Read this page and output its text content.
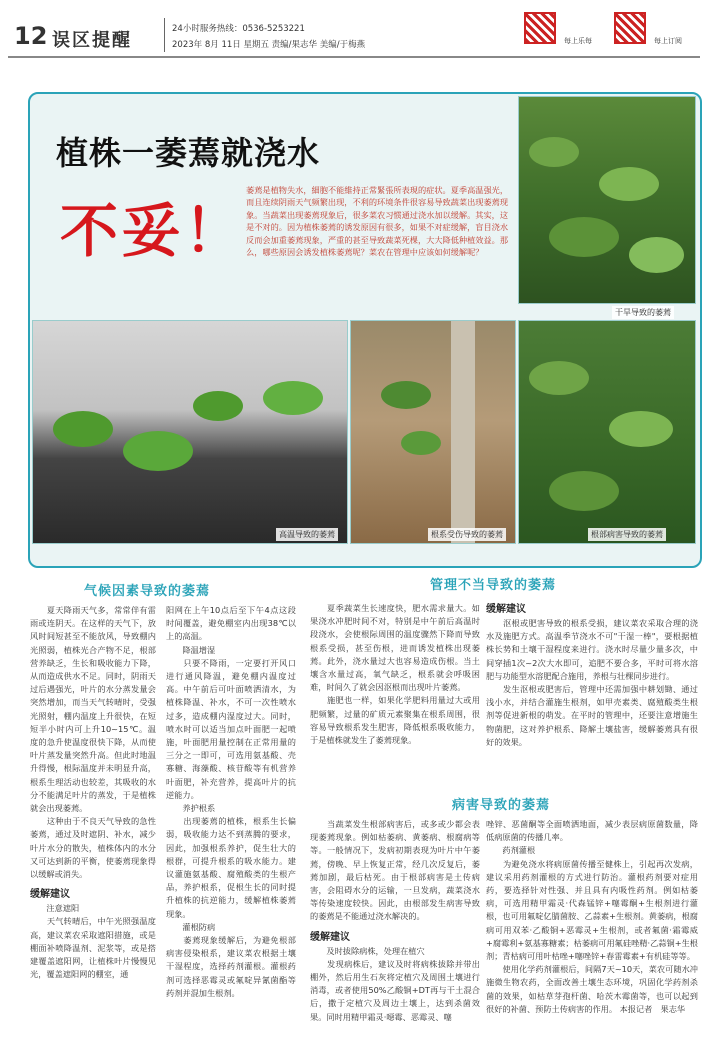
12 误区提醒
24小时服务热线：0536-5253221
2023年 8月 11日 星期五 责编/果志华 美编/于梅燕	每上乐每	每上订阅
植株一萎蔫就浇水
不妥！
萎蔫是植物失水，細胞不能維持正常緊張所表現的症状。夏季高温强光，而且连续阴雨天气频繁出现，不利的环境条件很容易导致蔬菜出现萎蔫现象。当蔬菜出现萎蔫现象后，很多菜农习惯通过浇水加以缓解。其实，这是不对的。因为植株萎蔫的诱发原因有很多，如果不对症缓解，盲目浇水反而会加重萎蔫现象，严重的甚至导致蔬菜死棵，大大降低种植效益。那么，哪些原因会诱发植株萎蔫呢？菜农在管理中应该如何缓解呢？
干旱导致的萎蔫
高温导致的萎蔫	根系受伤导致的萎蔫	根部病害导致的萎蔫
气候因素导致的萎蔫	管理不当导致的萎蔫
病害导致的萎蔫

　　夏天降雨天气多，常常伴有雷雨或连阴天。在这样的天气下，放风时间短甚至不能放风，导致棚内光照弱，植株光合产物不足，根部营养缺乏，生长和吸收能力下降，从而造成供水不足。同时，阴雨天过后遇强光，叶片的水分蒸发量会突然增加，而当天气转晴时，受强光照射，棚内温度上升很快，在短短半小时内可上升10~15℃。温度的急升使温度很快下降，从而使叶片蒸发量突然升高。但此时地温升得慢，根际温度并未明显升高，根系生理活动也较差，其吸收的水分不能满足叶片的蒸发，于是植株就会出现萎蔫。
　　这种由于不良天气导致的急性萎蔫，通过及时遮阴、补水，减少叶片水分的散失，植株体内的水分又可达到新的平衡，使萎蔫现象得以缓解或消失。

缓解建议

　　注意遮阳
　　天气转晴后，中午光照强温度高，建议菜农采取遮阳措施，或是棚面补喷降温剂、泥浆等，或是搭建覆盖遮阳网，让植株叶片慢慢见光，覆盖遮阳网的棚室，通

阳网在上午10点后至下午4点这段时间覆盖，避免棚室内出现38℃以上的高温。
　　降温增湿
　　只要不降雨，一定要打开风口进行通风降温，避免棚内温度过高。中午前后可叶面喷洒清水，为植株降温、补水，不可一次性喷水过多，造成棚内湿度过大。同时，喷水时可以适当加点叶面肥一起喷施，叶面肥用量控制在正常用量的三分之一即可，可选用氨基酸、壳寡糖、海藻酸、核苷酸等有机营养叶面肥，补充营养，提高叶片的抗逆能力。
　　养护根系
　　出现萎蔫的植株，根系生长偏弱，吸收能力达不到蒸腾的要求，因此，加强根系养护，促生壮大的根群，可提升根系的吸水能力。建议灌施氨基酸、腐殖酸类的生根产品，养护根系，促根生长的同时提升植株的抗逆能力，缓解植株萎蔫现象。
　　灌根防病
　　萎蔫现象缓解后，为避免根部病害侵染根系，建议菜农根据土壤干湿程度，选择药剂灌根。灌根药剂可选择恶霉灵或氟啶异氰菌酯等药剂并混加生根剂。

　　夏季蔬菜生长速度快，肥水需求量大。如果浇水冲肥时间不对，特别是中午前后高温时段浇水，会使根际周围的温度骤然下降而导致根系受损，甚至伤根，进而诱发植株出现萎蔫。此外，浇水量过大也容易造成伤根。当土壤含水量过高，氧气缺乏，根系就会呼吸困难，时间久了就会因沤根而出现叶片萎蔫。
　　施肥也一样，如果化学肥料用量过大或用肥频繁，过量的矿质元素聚集在根系周围，很容易导致根系发生肥害，降低根系吸收能力，于是植株就发生了萎蔫现象。

缓解建议

　　沤根或肥害导致的根系受损，建议菜农采取合理的浇水及施肥方式。高温季节浇水不可"干湿一棒"，要根据植株长势和土壤干湿程度来进行。浇水时尽量少量多次，中间穿插1次~2次大水即可，追肥不要合多，平时可将水溶肥与功能型水溶肥配合施用，养根与壮棵同步进行。
　　发生沤根或肥害后，管理中还需加强中耕划锄、通过浅小水，并结合灌施生根剂，如甲壳素类、腐殖酸类生根剂等促进新根的萌发。在平时的管理中，还要注意增施生物菌肥，这对养护根系、降解土壤盐害，缓解萎蔫具有很好的效果。

　　当蔬菜发生根部病害后，或多或少都会表现萎蔫现象。例如枯萎病、黄萎病、根腐病等等。一般情况下，发病初期表现为叶片中午萎蔫，傍晚、早上恢复正常，经几次反复后，萎蔫加剧，最后枯死。由于根部病害是土传病害，会阻碍水分的运输，一旦发病，蔬菜浇水等传染速度较快。因此，由根部发生病害导致的萎蔫是不能通过浇水解决的。

缓解建议

　　及时拔除病株，处理在植穴
　　发现病株后，建议及时将病株拔除并带出棚外，然后用生石灰将定植穴及周围土壤进行消毒，或者使用50%乙酸铜+DT再与干土混合后，撒于定植穴及周边土壤上，达到杀菌效果。同时用精甲霜灵·噁霉、恶霉灵、噻

唑锌、恶菌酮等全面喷洒地面，减少表层病原菌数量，降低病原菌的传播几率。
　　药剂灌根
　　为避免浇水将病原菌传播至健株上，引起再次发病，建议采用药剂灌根的方式进行防治。灌根药剂要对症用药，要选择针对性强、并且具有内吸性药剂。例如枯萎病，可选用精甲霜灵·代森锰锌+噻霉酮+生根剂进行灌根，也可用氟啶亿腈菌胺、乙蒜素+生根剂。黄萎病，根腐病可用双苯·乙酸铜+恶霉灵+生根剂，或者氟菌·霜霉威+腐霉利+氨基寡糖素；枯萎病可用氟硅唑精·乙蒜铜+生根剂；青枯病可用叶枯唑+噻唑锌+春雷霉素+有机硅等等。
　　使用化学药剂灌根后，间隔7天~10天，菜农可随水冲施微生物农药，全面改善土壤生态环境，巩固化学药剂杀菌的效果，如枯草芽孢杆菌、哈茨木霉菌等，也可以起到很好的补菌、预防土传病害的作用。 本报记者　果志华
